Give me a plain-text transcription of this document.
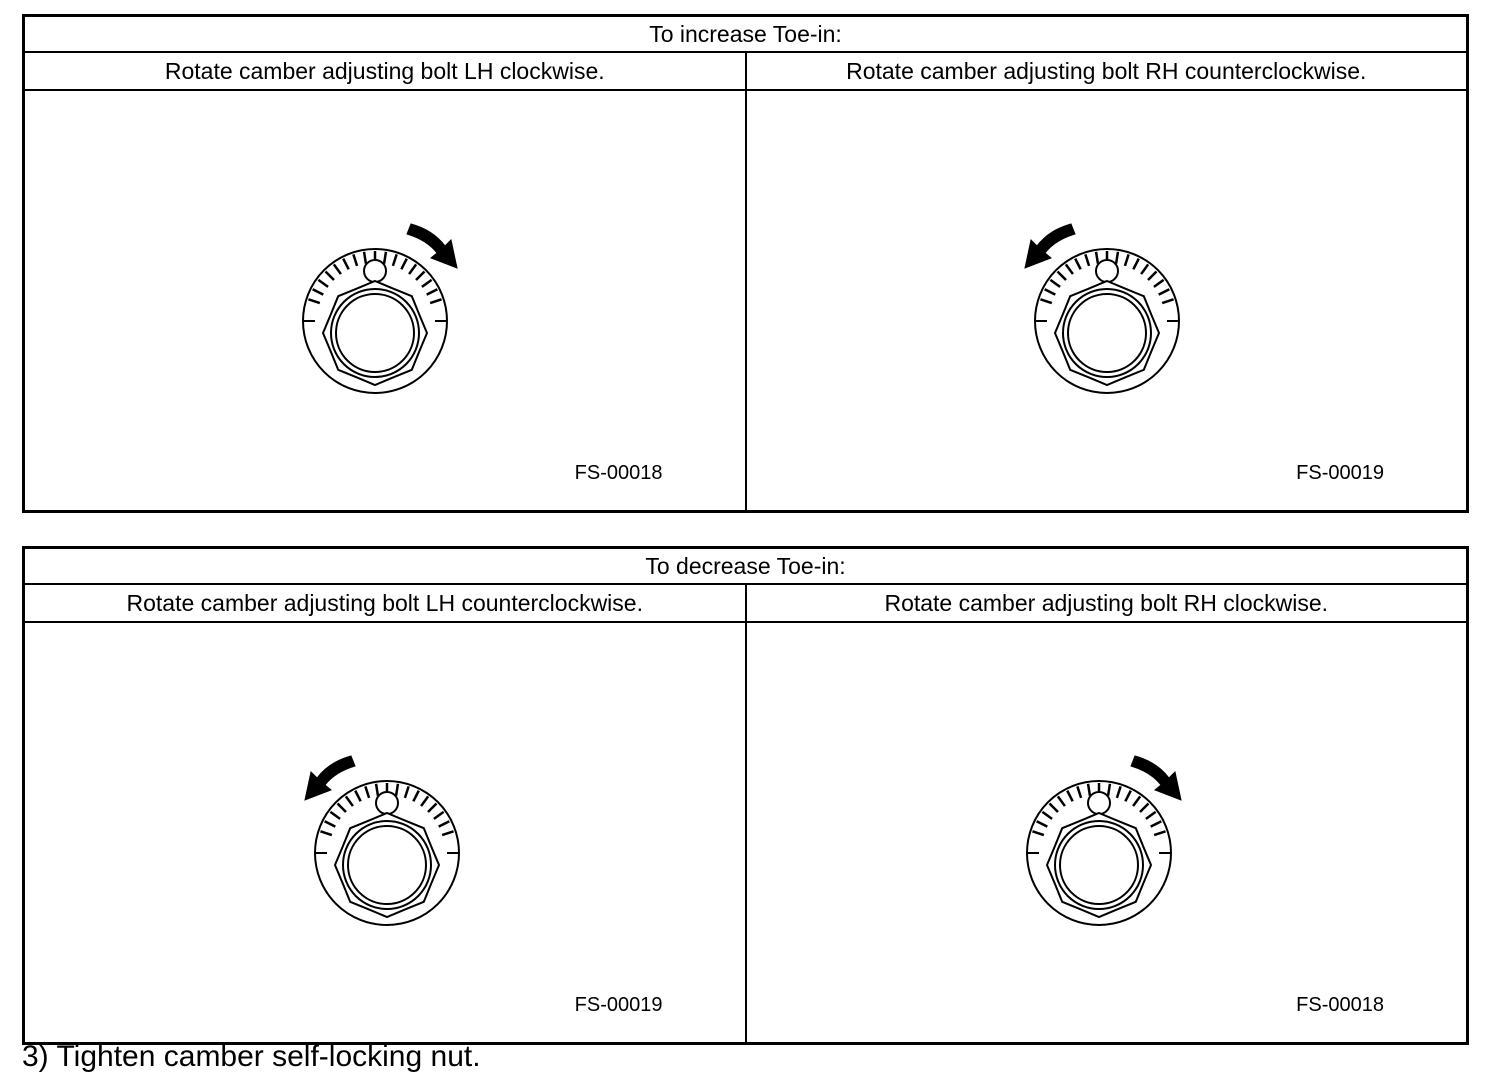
To increase Toe-in:
Rotate camber adjusting bolt LH clockwise.	Rotate camber adjusting bolt RH counterclockwise.
FS-00018	FS-00019
To decrease Toe-in:
Rotate camber adjusting bolt LH counterclockwise.	Rotate camber adjusting bolt RH clockwise.
FS-00019	FS-00018
3) Tighten camber self-locking nut.
